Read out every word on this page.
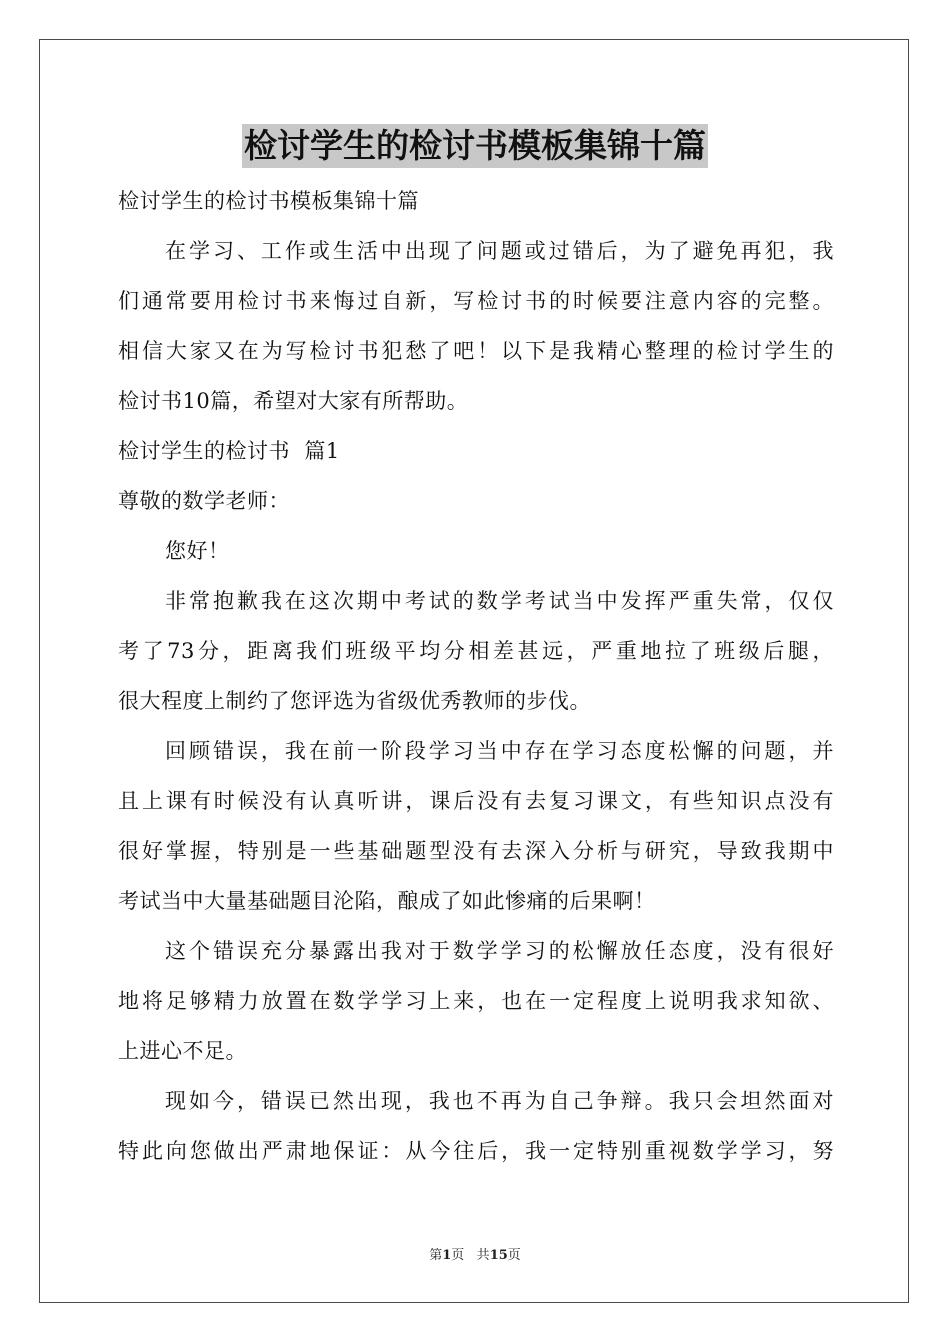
检讨学生的检讨书模板集锦十篇
检讨学生的检讨书模板集锦十篇
在学习、工作或生活中出现了问题或过错后，为了避免再犯，我
们通常要用检讨书来悔过自新，写检讨书的时候要注意内容的完整。
相信大家又在为写检讨书犯愁了吧！以下是我精心整理的检讨学生的
检讨书10篇，希望对大家有所帮助。
检讨学生的检讨书  篇1
尊敬的数学老师：
您好！
非常抱歉我在这次期中考试的数学考试当中发挥严重失常，仅仅
考了73分，距离我们班级平均分相差甚远，严重地拉了班级后腿，
很大程度上制约了您评选为省级优秀教师的步伐。
回顾错误，我在前一阶段学习当中存在学习态度松懈的问题，并
且上课有时候没有认真听讲，课后没有去复习课文，有些知识点没有
很好掌握，特别是一些基础题型没有去深入分析与研究，导致我期中
考试当中大量基础题目沦陷，酿成了如此惨痛的后果啊！
这个错误充分暴露出我对于数学学习的松懈放任态度，没有很好
地将足够精力放置在数学学习上来，也在一定程度上说明我求知欲、
上进心不足。
现如今，错误已然出现，我也不再为自己争辩。我只会坦然面对
特此向您做出严肃地保证：从今往后，我一定特别重视数学学习，努
第1页 共15页
